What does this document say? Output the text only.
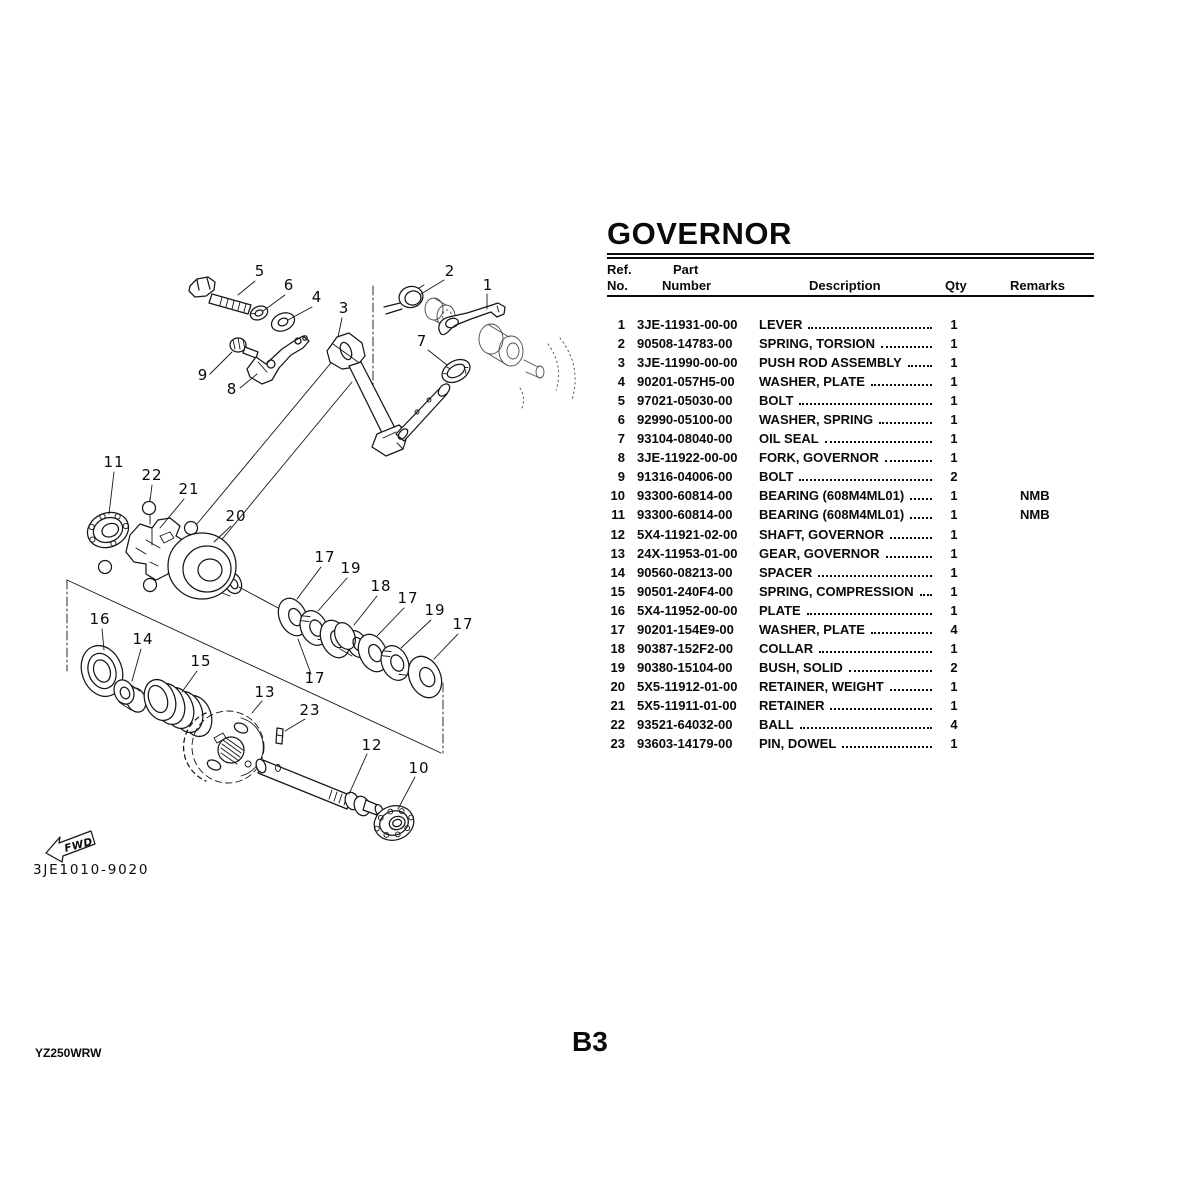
FWD
3JE1010-9020
5
6
4
3
2
1
7
9
8
11
22
21
20
17
19
18
17
19
17
16
14
15
17
13
23
12
10
GOVERNOR
Ref.	Part
No.	Number	Description	Qty	Remarks
1 3JE-11931-00-00	LEVER	1
2 90508-14783-00	SPRING, TORSION	1
3 3JE-11990-00-00	PUSH ROD ASSEMBLY	1
4 90201-057H5-00	WASHER, PLATE	1
5 97021-05030-00	BOLT	1
6 92990-05100-00	WASHER, SPRING	1
7 93104-08040-00	OIL SEAL	1
8 3JE-11922-00-00	FORK, GOVERNOR	1
9 91316-04006-00	BOLT	2
10 93300-60814-00	BEARING (608M4ML01)	1	NMB
11 93300-60814-00	BEARING (608M4ML01)	1	NMB
12 5X4-11921-02-00	SHAFT, GOVERNOR	1
13 24X-11953-01-00	GEAR, GOVERNOR	1
14 90560-08213-00	SPACER	1
15 90501-240F4-00	SPRING, COMPRESSION	1
16 5X4-11952-00-00	PLATE	1
17 90201-154E9-00	WASHER, PLATE	4
18 90387-152F2-00	COLLAR	1
19 90380-15104-00	BUSH, SOLID	2
20 5X5-11912-01-00	RETAINER, WEIGHT	1
21 5X5-11911-01-00	RETAINER	1
22 93521-64032-00	BALL	4
23 93603-14179-00	PIN, DOWEL	1
YZ250WRW	B3
